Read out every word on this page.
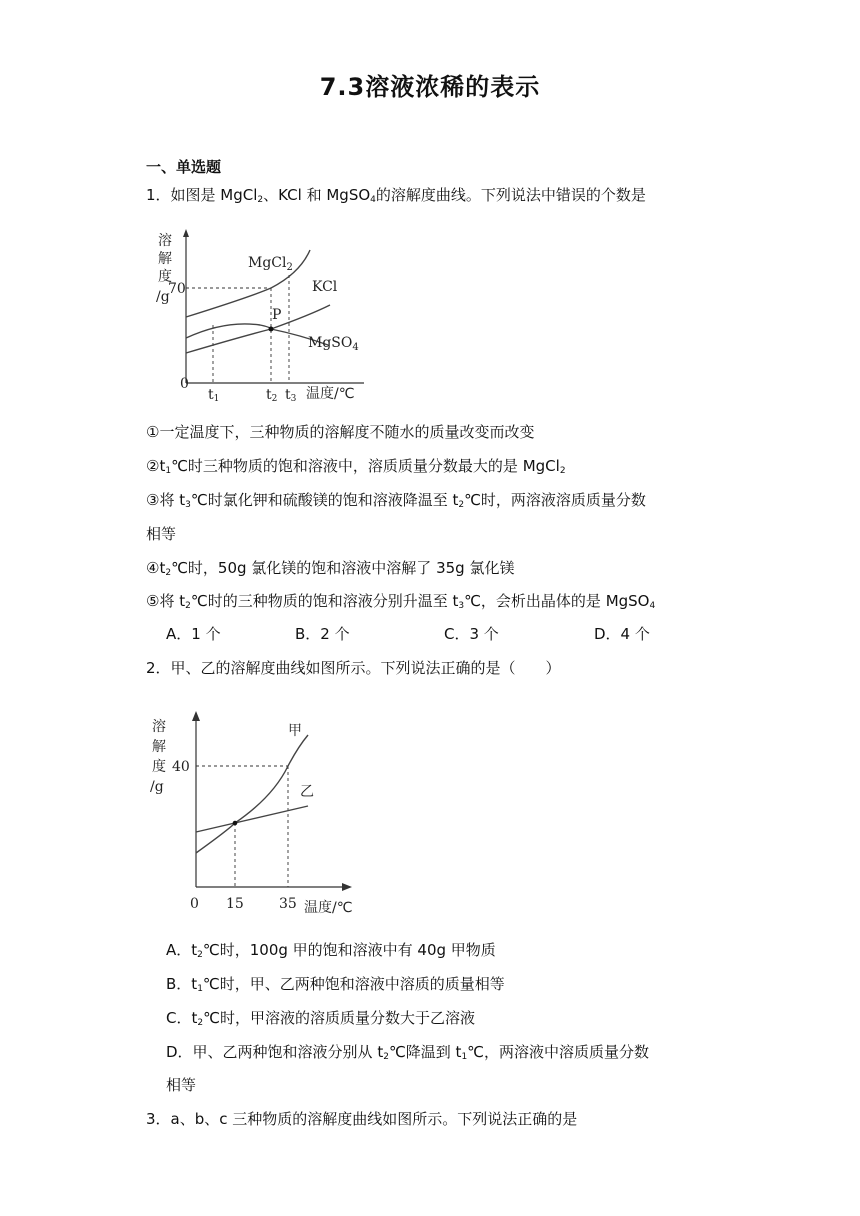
7.3溶液浓稀的表示
一、单选题
1．如图是 MgCl$_2$、KCl 和 MgSO$_4$的溶解度曲线。下列说法中错误的个数是
溶
解
度
/g
70
0
MgCl$_2$
KCl
P
MgSO$_4$
t1	t2 t3 温度/℃
①一定温度下，三种物质的溶解度不随水的质量改变而改变
$②t_1℃$时三种物质的饱和溶液中，溶质质量分数最大的是 MgCl$_2$
③将 $t_3℃$时氯化钾和硫酸镁的饱和溶液降温至 $t_2℃$时，两溶液溶质质量分数
相等
$④t_2℃$时，50g 氯化镁的饱和溶液中溶解了 35g 氯化镁
⑤将 $t_2℃$时的三种物质的饱和溶液分别升温至 $t_3℃$，会析出晶体的是 MgSO$_4$
A．1 个	B．2 个	C．3 个	D．4 个
2．甲、乙的溶解度曲线如图所示。下列说法正确的是（　　）
溶
解
度
/g
40
甲
乙
0 15	35 温度/℃
A．$t_2℃$时，100g 甲的饱和溶液中有 40g 甲物质
B．$t_1℃$时，甲、乙两种饱和溶液中溶质的质量相等
C．$t_2℃$时，甲溶液的溶质质量分数大于乙溶液
D．甲、乙两种饱和溶液分别从 $t_2℃$降温到 $t_1℃$，两溶液中溶质质量分数
相等
3．a、b、c 三种物质的溶解度曲线如图所示。下列说法正确的是
